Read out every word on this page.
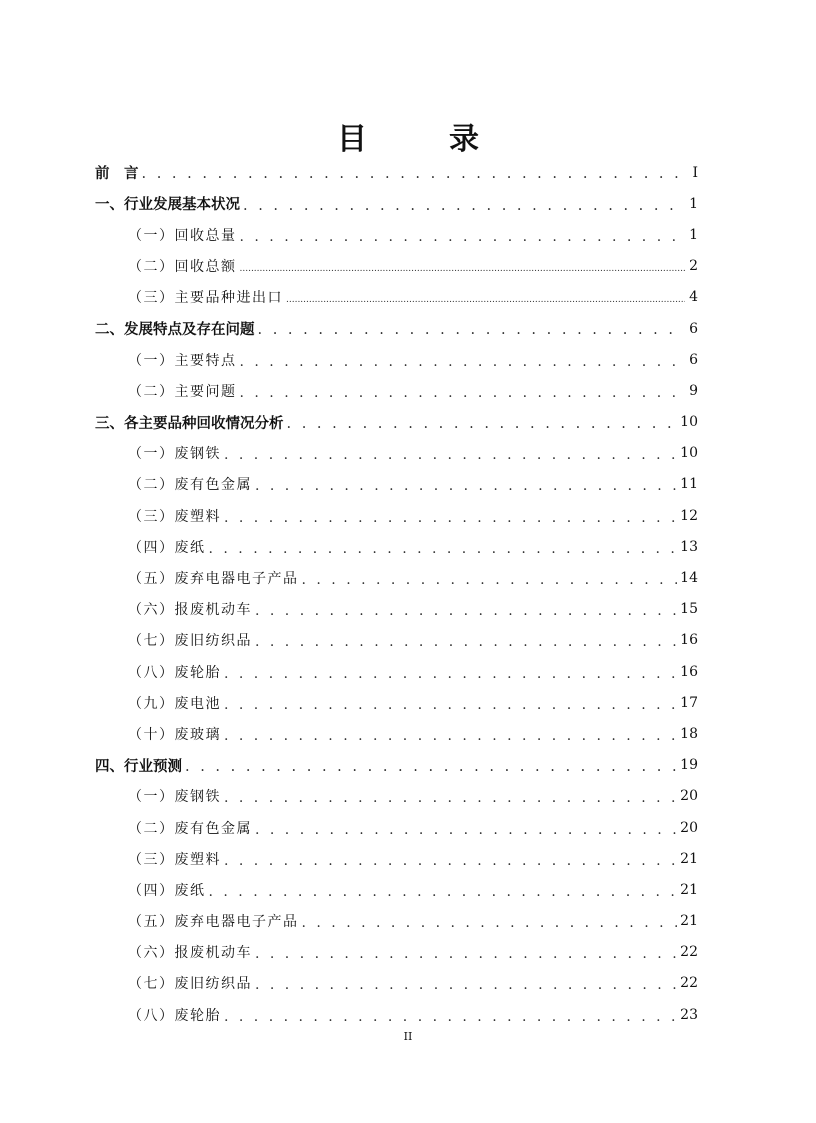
目　录
前　言 . . .	I
一、行业发展基本状况 . . .	1
（一）回收总量 . . .	1
（二）回收总额 .....	2
（三）主要品种进出口 .....	4
二、发展特点及存在问题 . . .	6
（一）主要特点 . . .	6
（二）主要问题 . . .	9
三、各主要品种回收情况分析 . . .	10
（一）废钢铁 . . .	10
（二）废有色金属 . . .	11
（三）废塑料 . . .	12
（四）废纸 . . .	13
（五）废弃电器电子产品 . . .	14
（六）报废机动车 . . .	15
（七）废旧纺织品 . . .	16
（八）废轮胎 . . .	16
（九）废电池 . . .	17
（十）废玻璃 . . .	18
四、行业预测 . . .	19
（一）废钢铁 . . .	20
（二）废有色金属 . . .	20
（三）废塑料 . . .	21
（四）废纸 . . .	21
（五）废弃电器电子产品 . . .	21
（六）报废机动车 . . .	22
（七）废旧纺织品 . . .	22
（八）废轮胎 . . .	23
II
